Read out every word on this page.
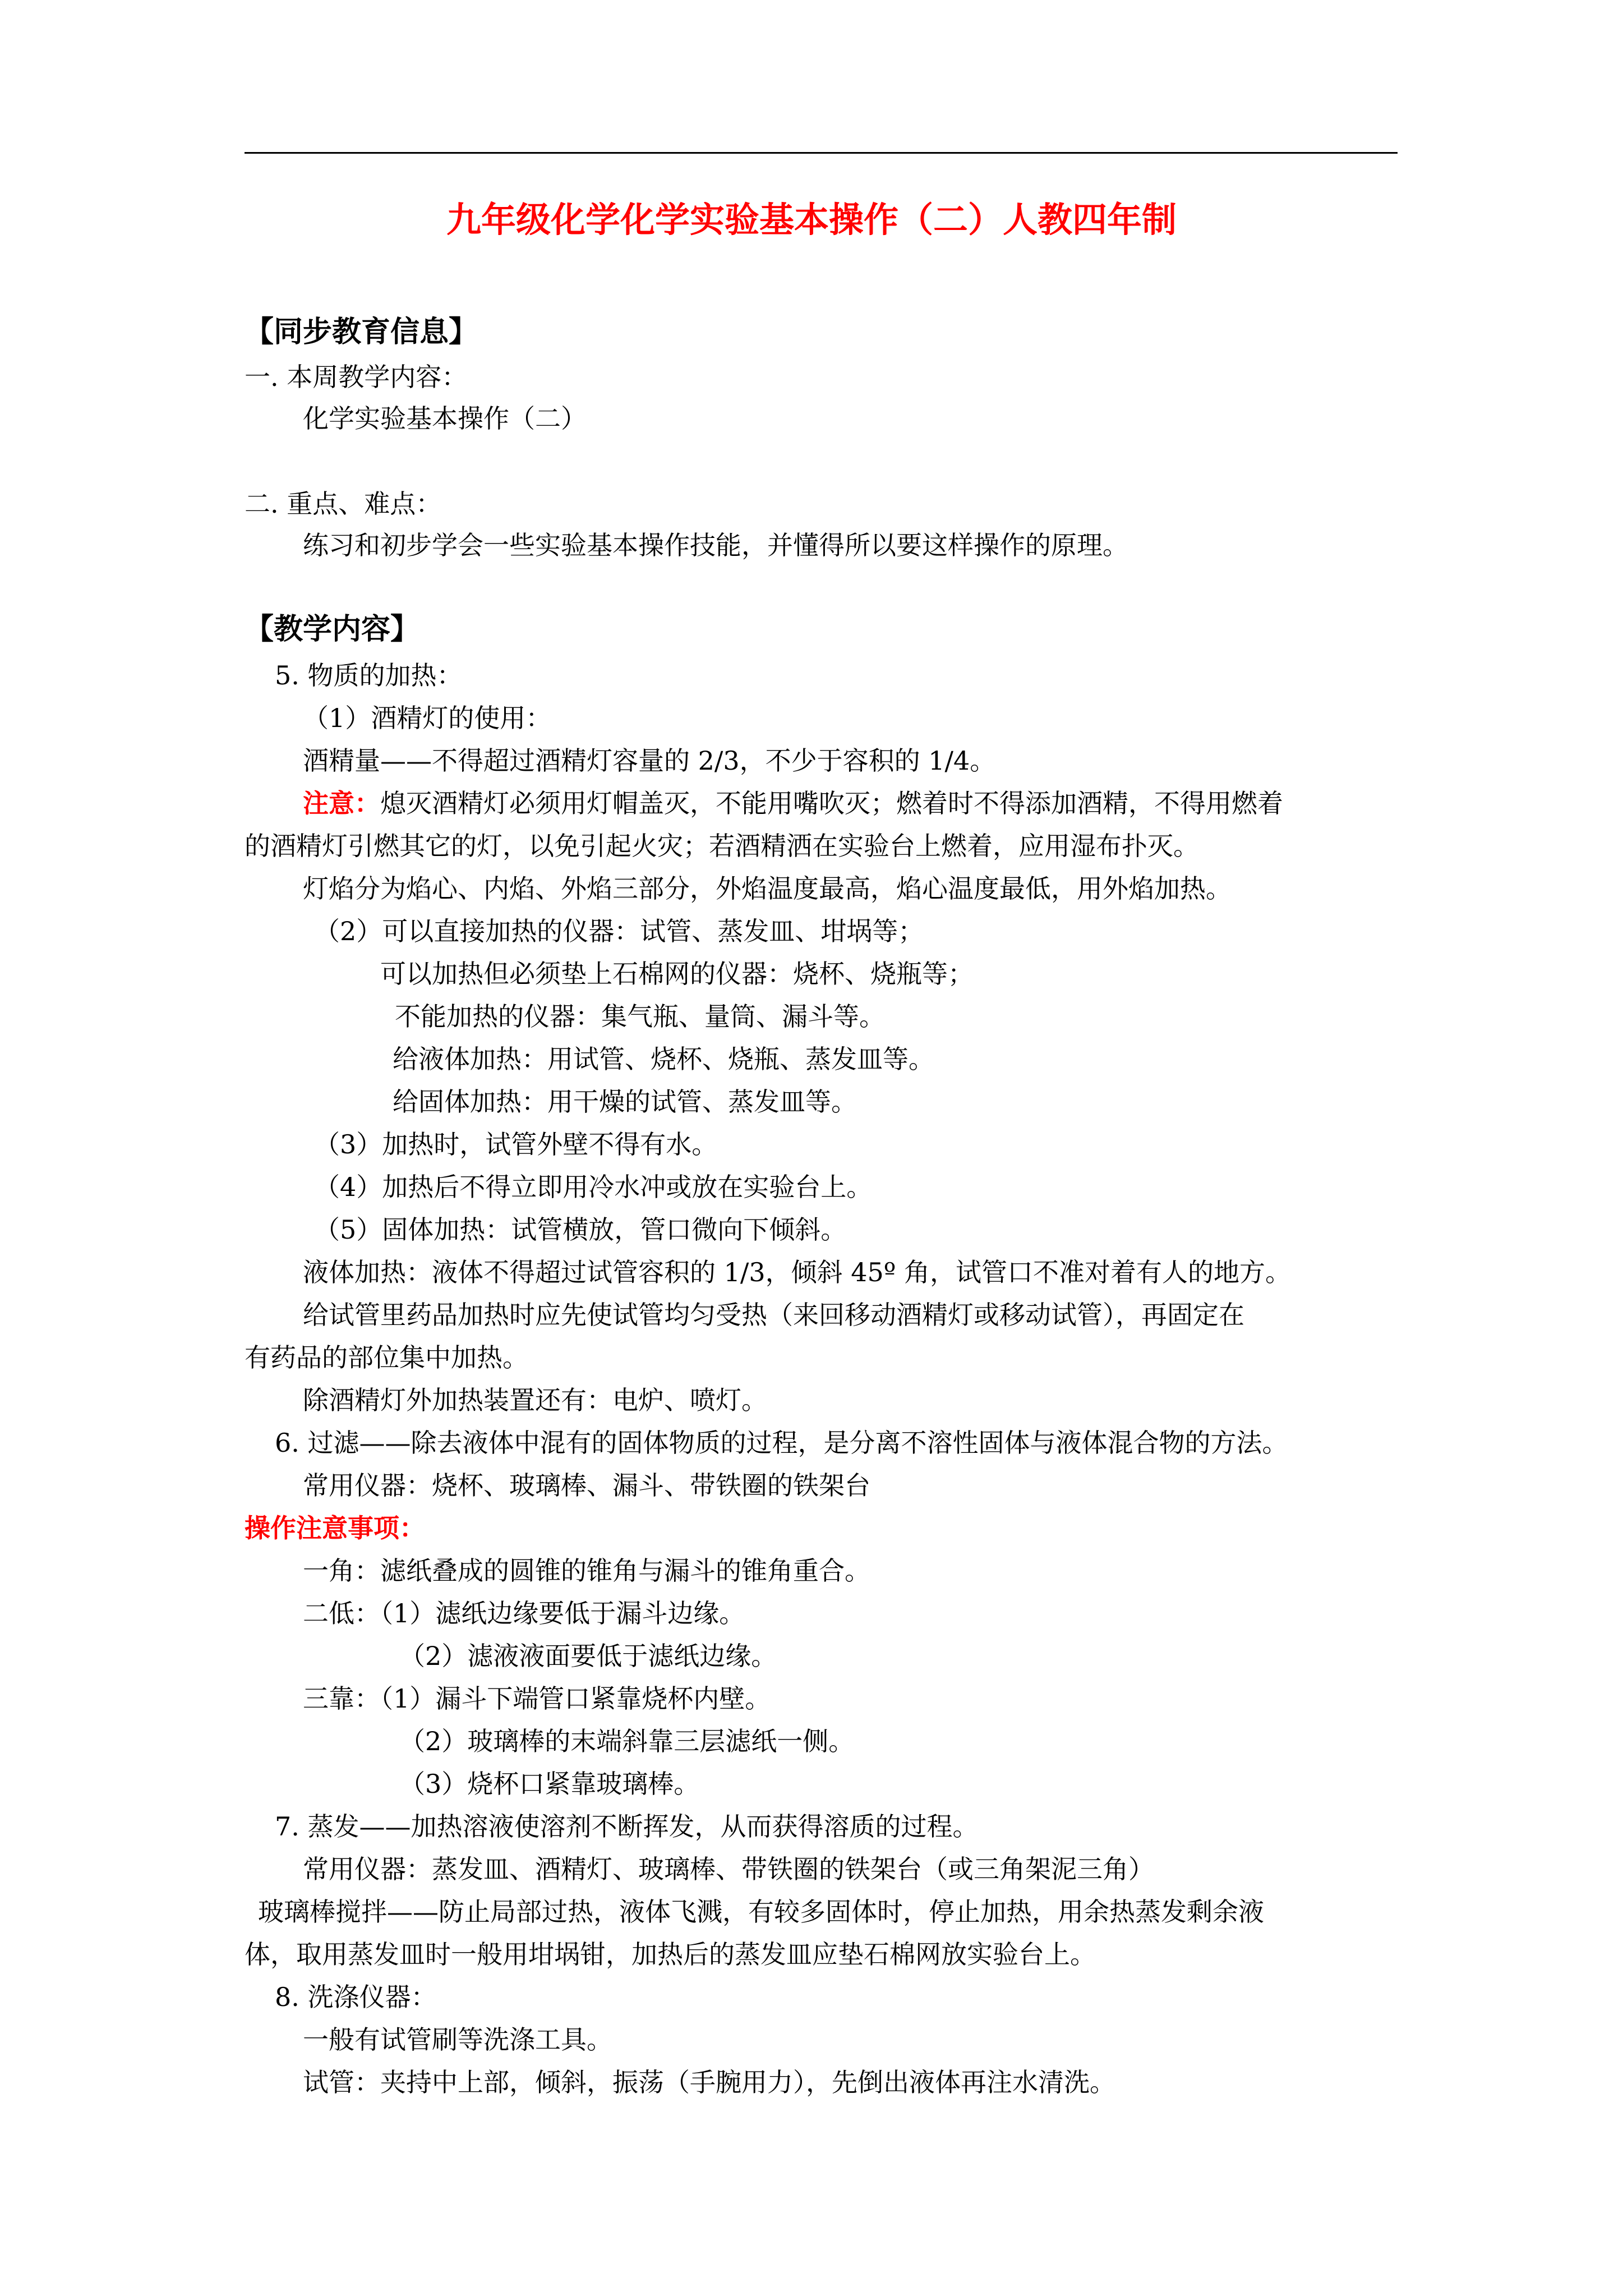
九年级化学化学实验基本操作（二）人教四年制
【同步教育信息】
一. 本周教学内容：
化学实验基本操作（二）
二. 重点、难点：
练习和初步学会一些实验基本操作技能，并懂得所以要这样操作的原理。
【教学内容】
5. 物质的加热：
（1）酒精灯的使用：
酒精量——不得超过酒精灯容量的 2/3，不少于容积的 1/4。
注意：熄灭酒精灯必须用灯帽盖灭，不能用嘴吹灭；燃着时不得添加酒精，不得用燃着
的酒精灯引燃其它的灯，以免引起火灾；若酒精洒在实验台上燃着，应用湿布扑灭。
灯焰分为焰心、内焰、外焰三部分，外焰温度最高，焰心温度最低，用外焰加热。
（2）可以直接加热的仪器：试管、蒸发皿、坩埚等；
可以加热但必须垫上石棉网的仪器：烧杯、烧瓶等；
不能加热的仪器：集气瓶、量筒、漏斗等。
给液体加热：用试管、烧杯、烧瓶、蒸发皿等。
给固体加热：用干燥的试管、蒸发皿等。
（3）加热时，试管外壁不得有水。
（4）加热后不得立即用冷水冲或放在实验台上。
（5）固体加热：试管横放，管口微向下倾斜。
液体加热：液体不得超过试管容积的 1/3，倾斜 45º 角，试管口不准对着有人的地方。
给试管里药品加热时应先使试管均匀受热（来回移动酒精灯或移动试管），再固定在
有药品的部位集中加热。
除酒精灯外加热装置还有：电炉、喷灯。
6. 过滤——除去液体中混有的固体物质的过程，是分离不溶性固体与液体混合物的方法。
常用仪器：烧杯、玻璃棒、漏斗、带铁圈的铁架台
操作注意事项：
一角：滤纸叠成的圆锥的锥角与漏斗的锥角重合。
二低：（1）滤纸边缘要低于漏斗边缘。
（2）滤液液面要低于滤纸边缘。
三靠：（1）漏斗下端管口紧靠烧杯内壁。
（2）玻璃棒的末端斜靠三层滤纸一侧。
（3）烧杯口紧靠玻璃棒。
7. 蒸发——加热溶液使溶剂不断挥发，从而获得溶质的过程。
常用仪器：蒸发皿、酒精灯、玻璃棒、带铁圈的铁架台（或三角架泥三角）
玻璃棒搅拌——防止局部过热，液体飞溅，有较多固体时，停止加热，用余热蒸发剩余液
体，取用蒸发皿时一般用坩埚钳，加热后的蒸发皿应垫石棉网放实验台上。
8. 洗涤仪器：
一般有试管刷等洗涤工具。
试管：夹持中上部，倾斜，振荡（手腕用力），先倒出液体再注水清洗。
